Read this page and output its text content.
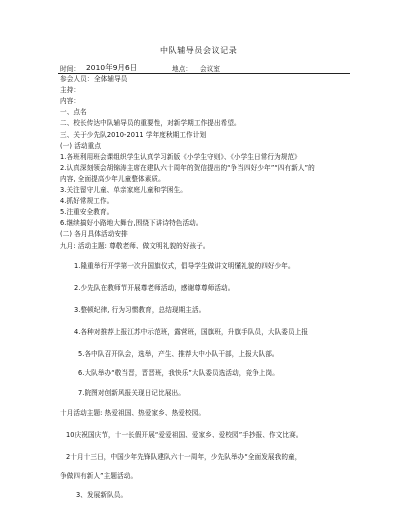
中队辅导员会议记录
时间： 2010年9月6日	地点： 会议室
参会人员： 全体辅导员
主持：
内容：
一、点名
二、校长传达中队辅导员的重要性，对新学期工作提出希望。
三、关于少先队2010-2011 学年度秋期工作计划
(一) 活动重点
1.各班利用班会课组织学生认真学习新版《小学生守则》、《小学生日常行为规范》
2.认真深刻领会胡锦涛主席在建队六十周年的贺信提出的“争当四好少年”“四有新人”的
内容, 全面提高少年儿童整体素质。
3.关注留守儿童、单亲家庭儿童和学困生。
4.抓好常规工作。
5.注重安全教育。
6.继续搞好小路地大舞台,围绕下讲诗特色活动。
(二) 各月具体活动安排
九月: 活动主题: 尊敬老师、做文明礼貌的好孩子。
1.隆重举行开学第一次升国旗仪式，倡导学生做讲文明懂礼貌的四好少年。
2.少先队在教师节开展尊老师活动，感谢尊尊师活动。
3.整顿纪律, 行为习惯教育，总结现期主活。
4.各种对推荐上报江苏中示范班，露营班，国旗班，升旗手队员，大队委员上报
5.各中队召开队会，选举，产生、推荐大中小队干部，上报大队部。
6.大队举办“敬当晋，晋晋班，我快乐”大队委员选活动，竞争上岗。
7.院图对创新风报关现日记比展出。
十月活动主题: 热爱祖国、热爱家乡、热爱校园。
10庆祝国庆节，十一长假开展“爱爱祖国、爱家乡、爱校园”手抄报、作文比赛。
2十月十三日，中国少年先锋队建队六十一周年，少先队举办“全面发展我的童，
争做四有新人”主题活动。
3、发展新队员。
